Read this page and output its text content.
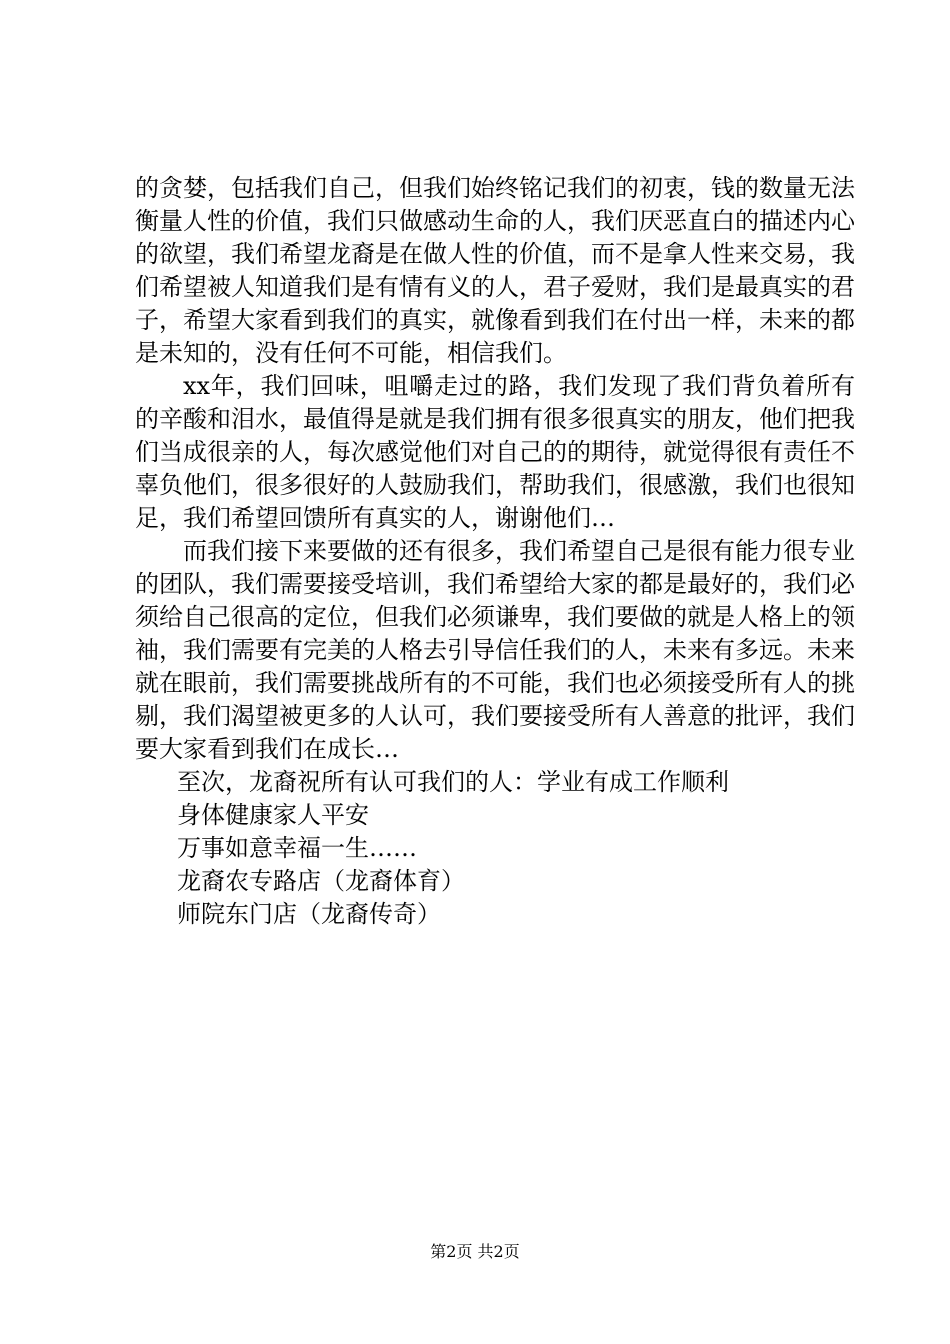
的贪婪，包括我们自己，但我们始终铭记我们的初衷，钱的数量无法衡量人性的价值，我们只做感动生命的人，我们厌恶直白的描述内心的欲望，我们希望龙裔是在做人性的价值，而不是拿人性来交易，我们希望被人知道我们是有情有义的人，君子爱财，我们是最真实的君子，希望大家看到我们的真实，就像看到我们在付出一样，未来的都是未知的，没有任何不可能，相信我们。

xx年，我们回味，咀嚼走过的路，我们发现了我们背负着所有的辛酸和泪水，最值得是就是我们拥有很多很真实的朋友，他们把我们当成很亲的人，每次感觉他们对自己的的期待，就觉得很有责任不辜负他们，很多很好的人鼓励我们，帮助我们，很感激，我们也很知足，我们希望回馈所有真实的人，谢谢他们…

而我们接下来要做的还有很多，我们希望自己是很有能力很专业的团队，我们需要接受培训，我们希望给大家的都是最好的，我们必须给自己很高的定位，但我们必须谦卑，我们要做的就是人格上的领袖，我们需要有完美的人格去引导信任我们的人，未来有多远。未来就在眼前，我们需要挑战所有的不可能，我们也必须接受所有人的挑剔，我们渴望被更多的人认可，我们要接受所有人善意的批评，我们要大家看到我们在成长…

至次，龙裔祝所有认可我们的人：学业有成工作顺利

身体健康家人平安

万事如意幸福一生……

龙裔农专路店（龙裔体育）

师院东门店（龙裔传奇）

第2页 共2页
